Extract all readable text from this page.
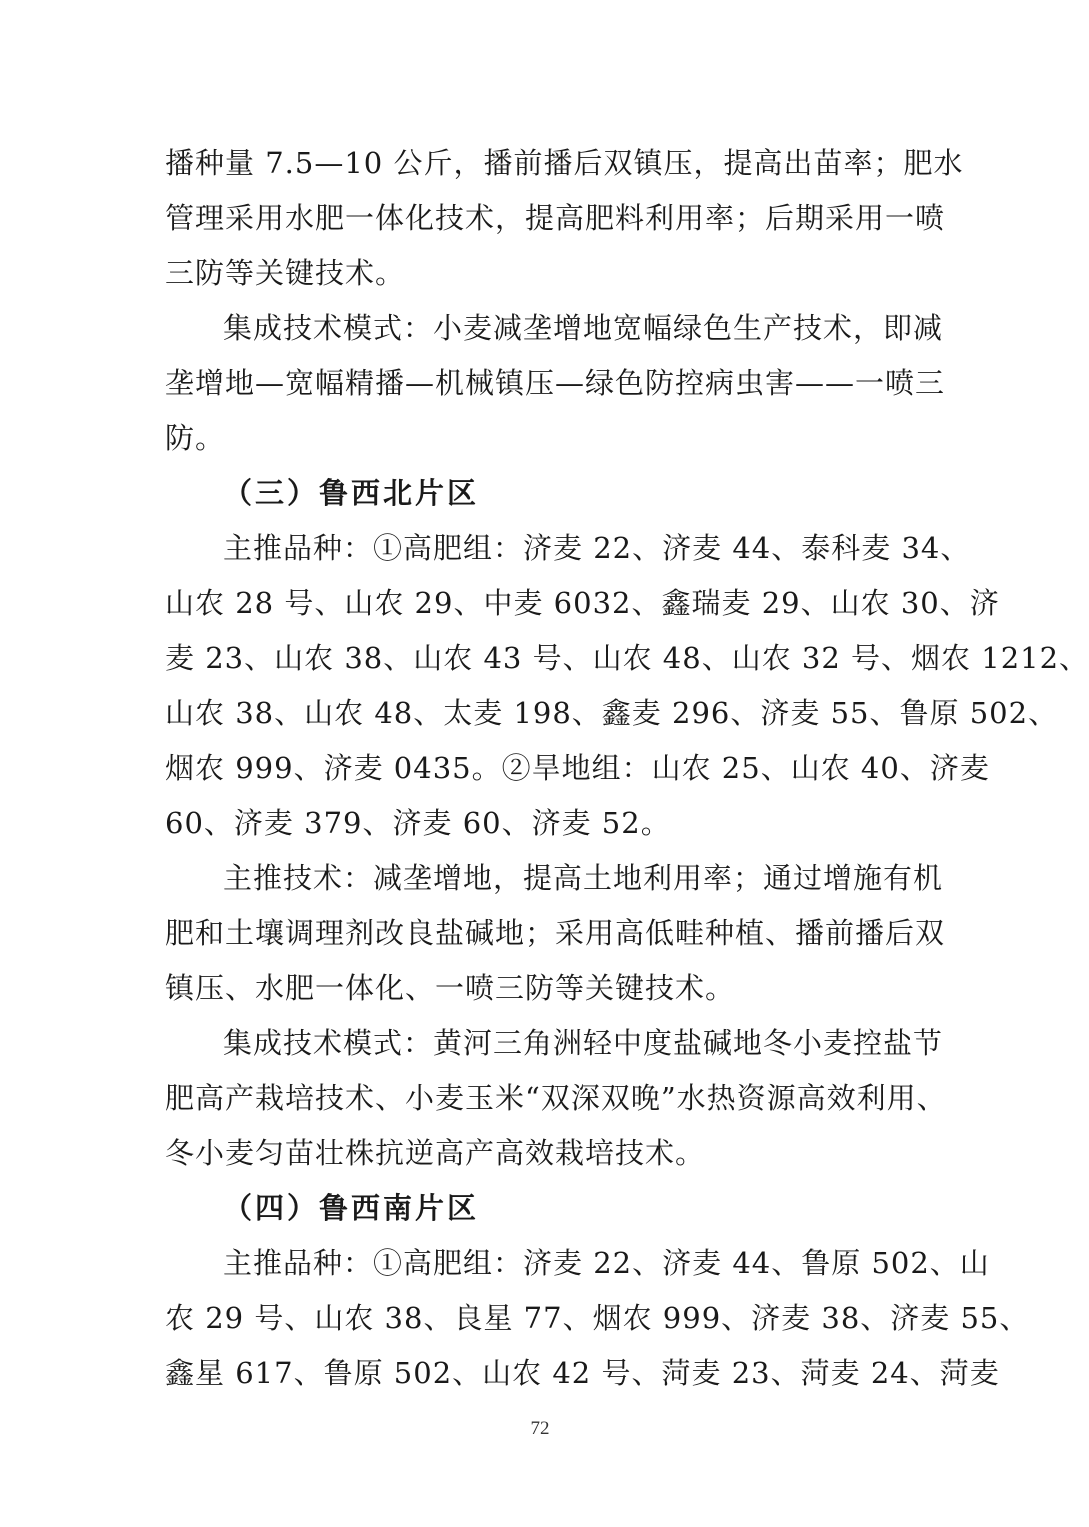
播种量 7.5—10 公斤，播前播后双镇压，提高出苗率；肥水
管理采用水肥一体化技术，提高肥料利用率；后期采用一喷
三防等关键技术。
集成技术模式：小麦减垄增地宽幅绿色生产技术，即减
垄增地—宽幅精播—机械镇压—绿色防控病虫害——一喷三
防。
（三）鲁西北片区
主推品种：①高肥组：济麦 22、济麦 44、泰科麦 34、
山农 28 号、山农 29、中麦 6032、鑫瑞麦 29、山农 30、济
麦 23、山农 38、山农 43 号、山农 48、山农 32 号、烟农 1212、
山农 38、山农 48、太麦 198、鑫麦 296、济麦 55、鲁原 502、
烟农 999、济麦 0435。②旱地组：山农 25、山农 40、济麦
60、济麦 379、济麦 60、济麦 52。
主推技术：减垄增地，提高土地利用率；通过增施有机
肥和土壤调理剂改良盐碱地；采用高低畦种植、播前播后双
镇压、水肥一体化、一喷三防等关键技术。
集成技术模式：黄河三角洲轻中度盐碱地冬小麦控盐节
肥高产栽培技术、小麦玉米“双深双晚”水热资源高效利用、
冬小麦匀苗壮株抗逆高产高效栽培技术。
（四）鲁西南片区
主推品种：①高肥组：济麦 22、济麦 44、鲁原 502、山
农 29 号、山农 38、良星 77、烟农 999、济麦 38、济麦 55、
鑫星 617、鲁原 502、山农 42 号、菏麦 23、菏麦 24、菏麦
72
